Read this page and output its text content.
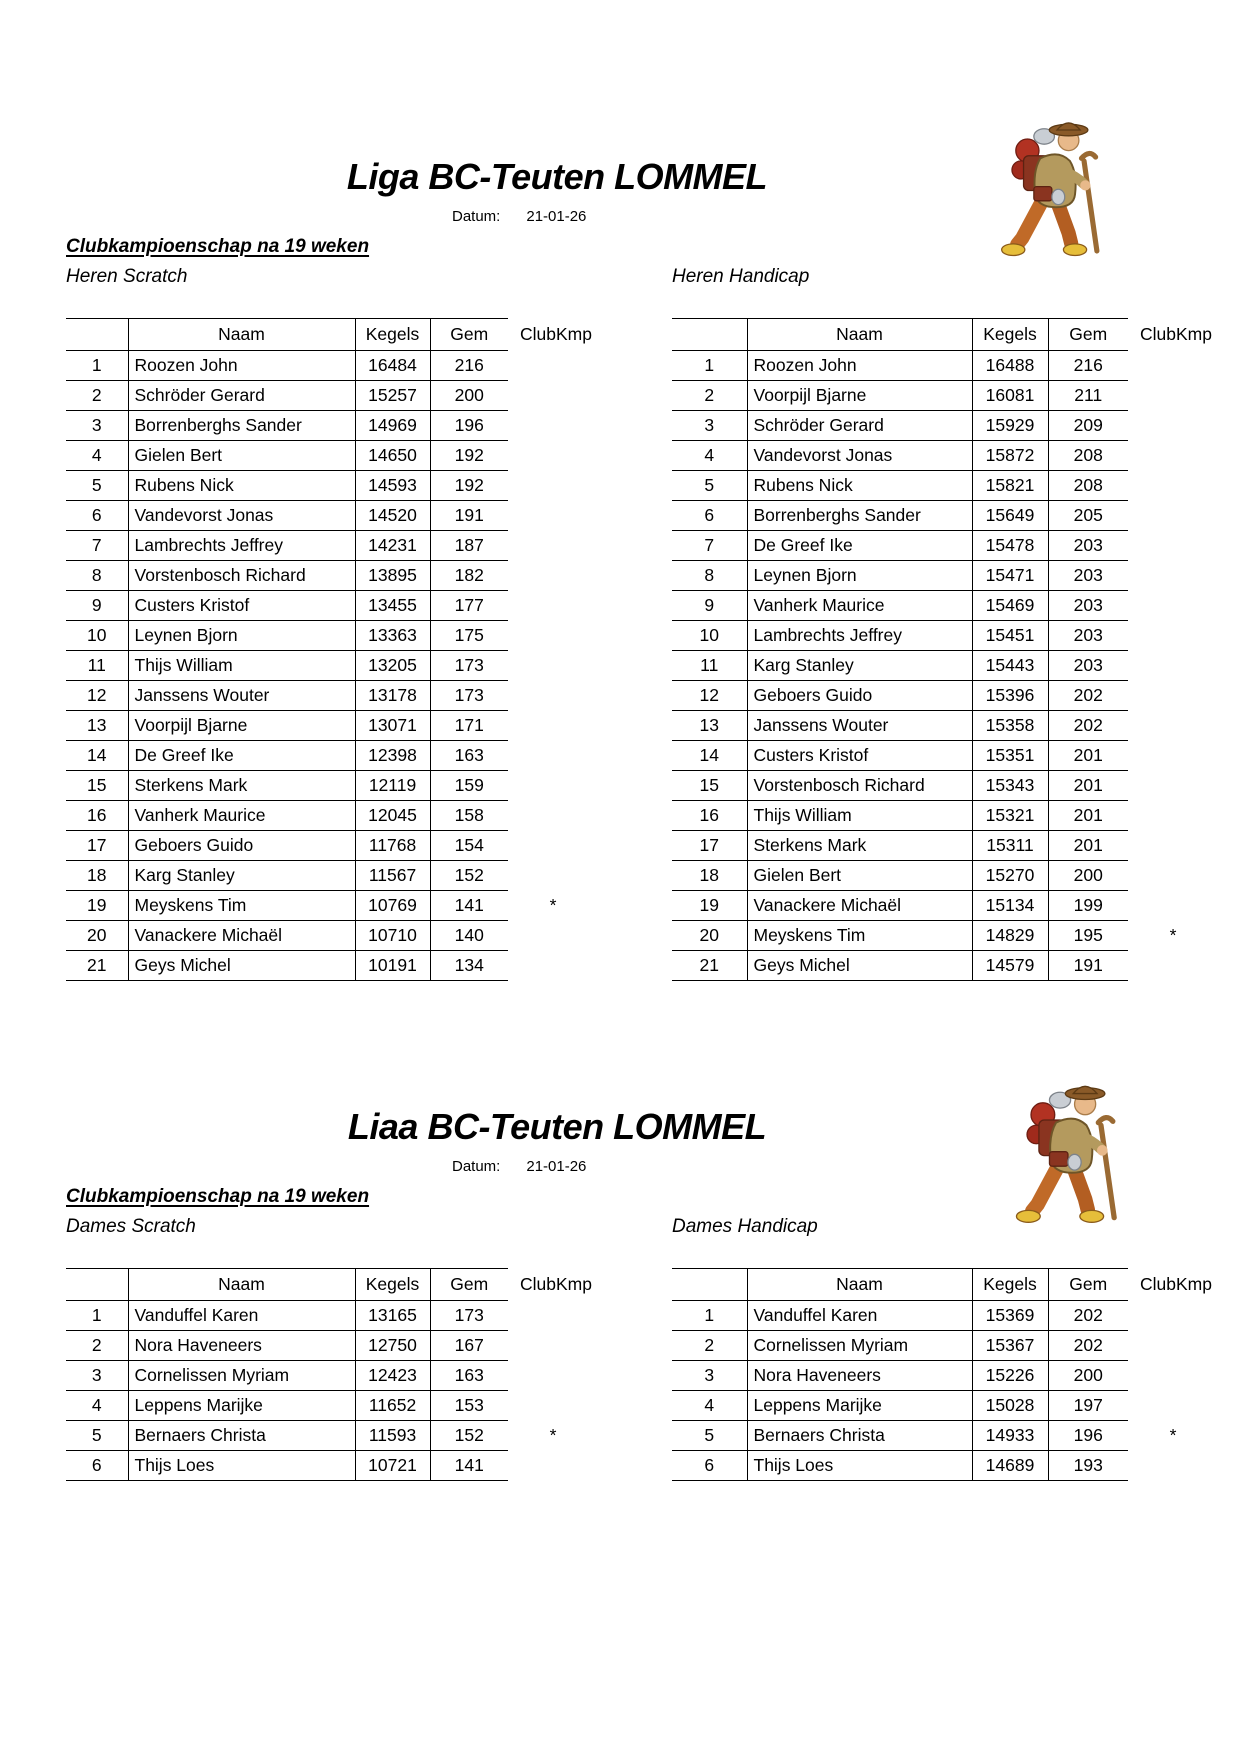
Liga BC-Teuten LOMMEL
Datum: 21-01-26
Clubkampioenschap na 19 weken
Heren Scratch	Heren Handicap
	Naam	Kegels	Gem	ClubKmp
1	Roozen John	16484	216	
2	Schröder Gerard	15257	200	
3	Borrenberghs Sander	14969	196	
4	Gielen Bert	14650	192	
5	Rubens Nick	14593	192	
6	Vandevorst Jonas	14520	191	
7	Lambrechts Jeffrey	14231	187	
8	Vorstenbosch Richard	13895	182	
9	Custers Kristof	13455	177	
10	Leynen Bjorn	13363	175	
11	Thijs William	13205	173	
12	Janssens Wouter	13178	173	
13	Voorpijl Bjarne	13071	171	
14	De Greef Ike	12398	163	
15	Sterkens Mark	12119	159	
16	Vanherk Maurice	12045	158	
17	Geboers Guido	11768	154	
18	Karg Stanley	11567	152	
19	Meyskens Tim	10769	141	*
20	Vanackere Michaël	10710	140	
21	Geys Michel	10191	134	
	Naam	Kegels	Gem	ClubKmp
1	Roozen John	16488	216	
2	Voorpijl Bjarne	16081	211	
3	Schröder Gerard	15929	209	
4	Vandevorst Jonas	15872	208	
5	Rubens Nick	15821	208	
6	Borrenberghs Sander	15649	205	
7	De Greef Ike	15478	203	
8	Leynen Bjorn	15471	203	
9	Vanherk Maurice	15469	203	
10	Lambrechts Jeffrey	15451	203	
11	Karg Stanley	15443	203	
12	Geboers Guido	15396	202	
13	Janssens Wouter	15358	202	
14	Custers Kristof	15351	201	
15	Vorstenbosch Richard	15343	201	
16	Thijs William	15321	201	
17	Sterkens Mark	15311	201	
18	Gielen Bert	15270	200	
19	Vanackere Michaël	15134	199	
20	Meyskens Tim	14829	195	*
21	Geys Michel	14579	191	
Liaa BC-Teuten LOMMEL
Datum: 21-01-26
Clubkampioenschap na 19 weken
Dames Scratch	Dames Handicap
	Naam	Kegels	Gem	ClubKmp
1	Vanduffel Karen	13165	173	
2	Nora Haveneers	12750	167	
3	Cornelissen Myriam	12423	163	
4	Leppens Marijke	11652	153	
5	Bernaers Christa	11593	152	*
6	Thijs Loes	10721	141	
	Naam	Kegels	Gem	ClubKmp
1	Vanduffel Karen	15369	202	
2	Cornelissen Myriam	15367	202	
3	Nora Haveneers	15226	200	
4	Leppens Marijke	15028	197	
5	Bernaers Christa	14933	196	*
6	Thijs Loes	14689	193	
